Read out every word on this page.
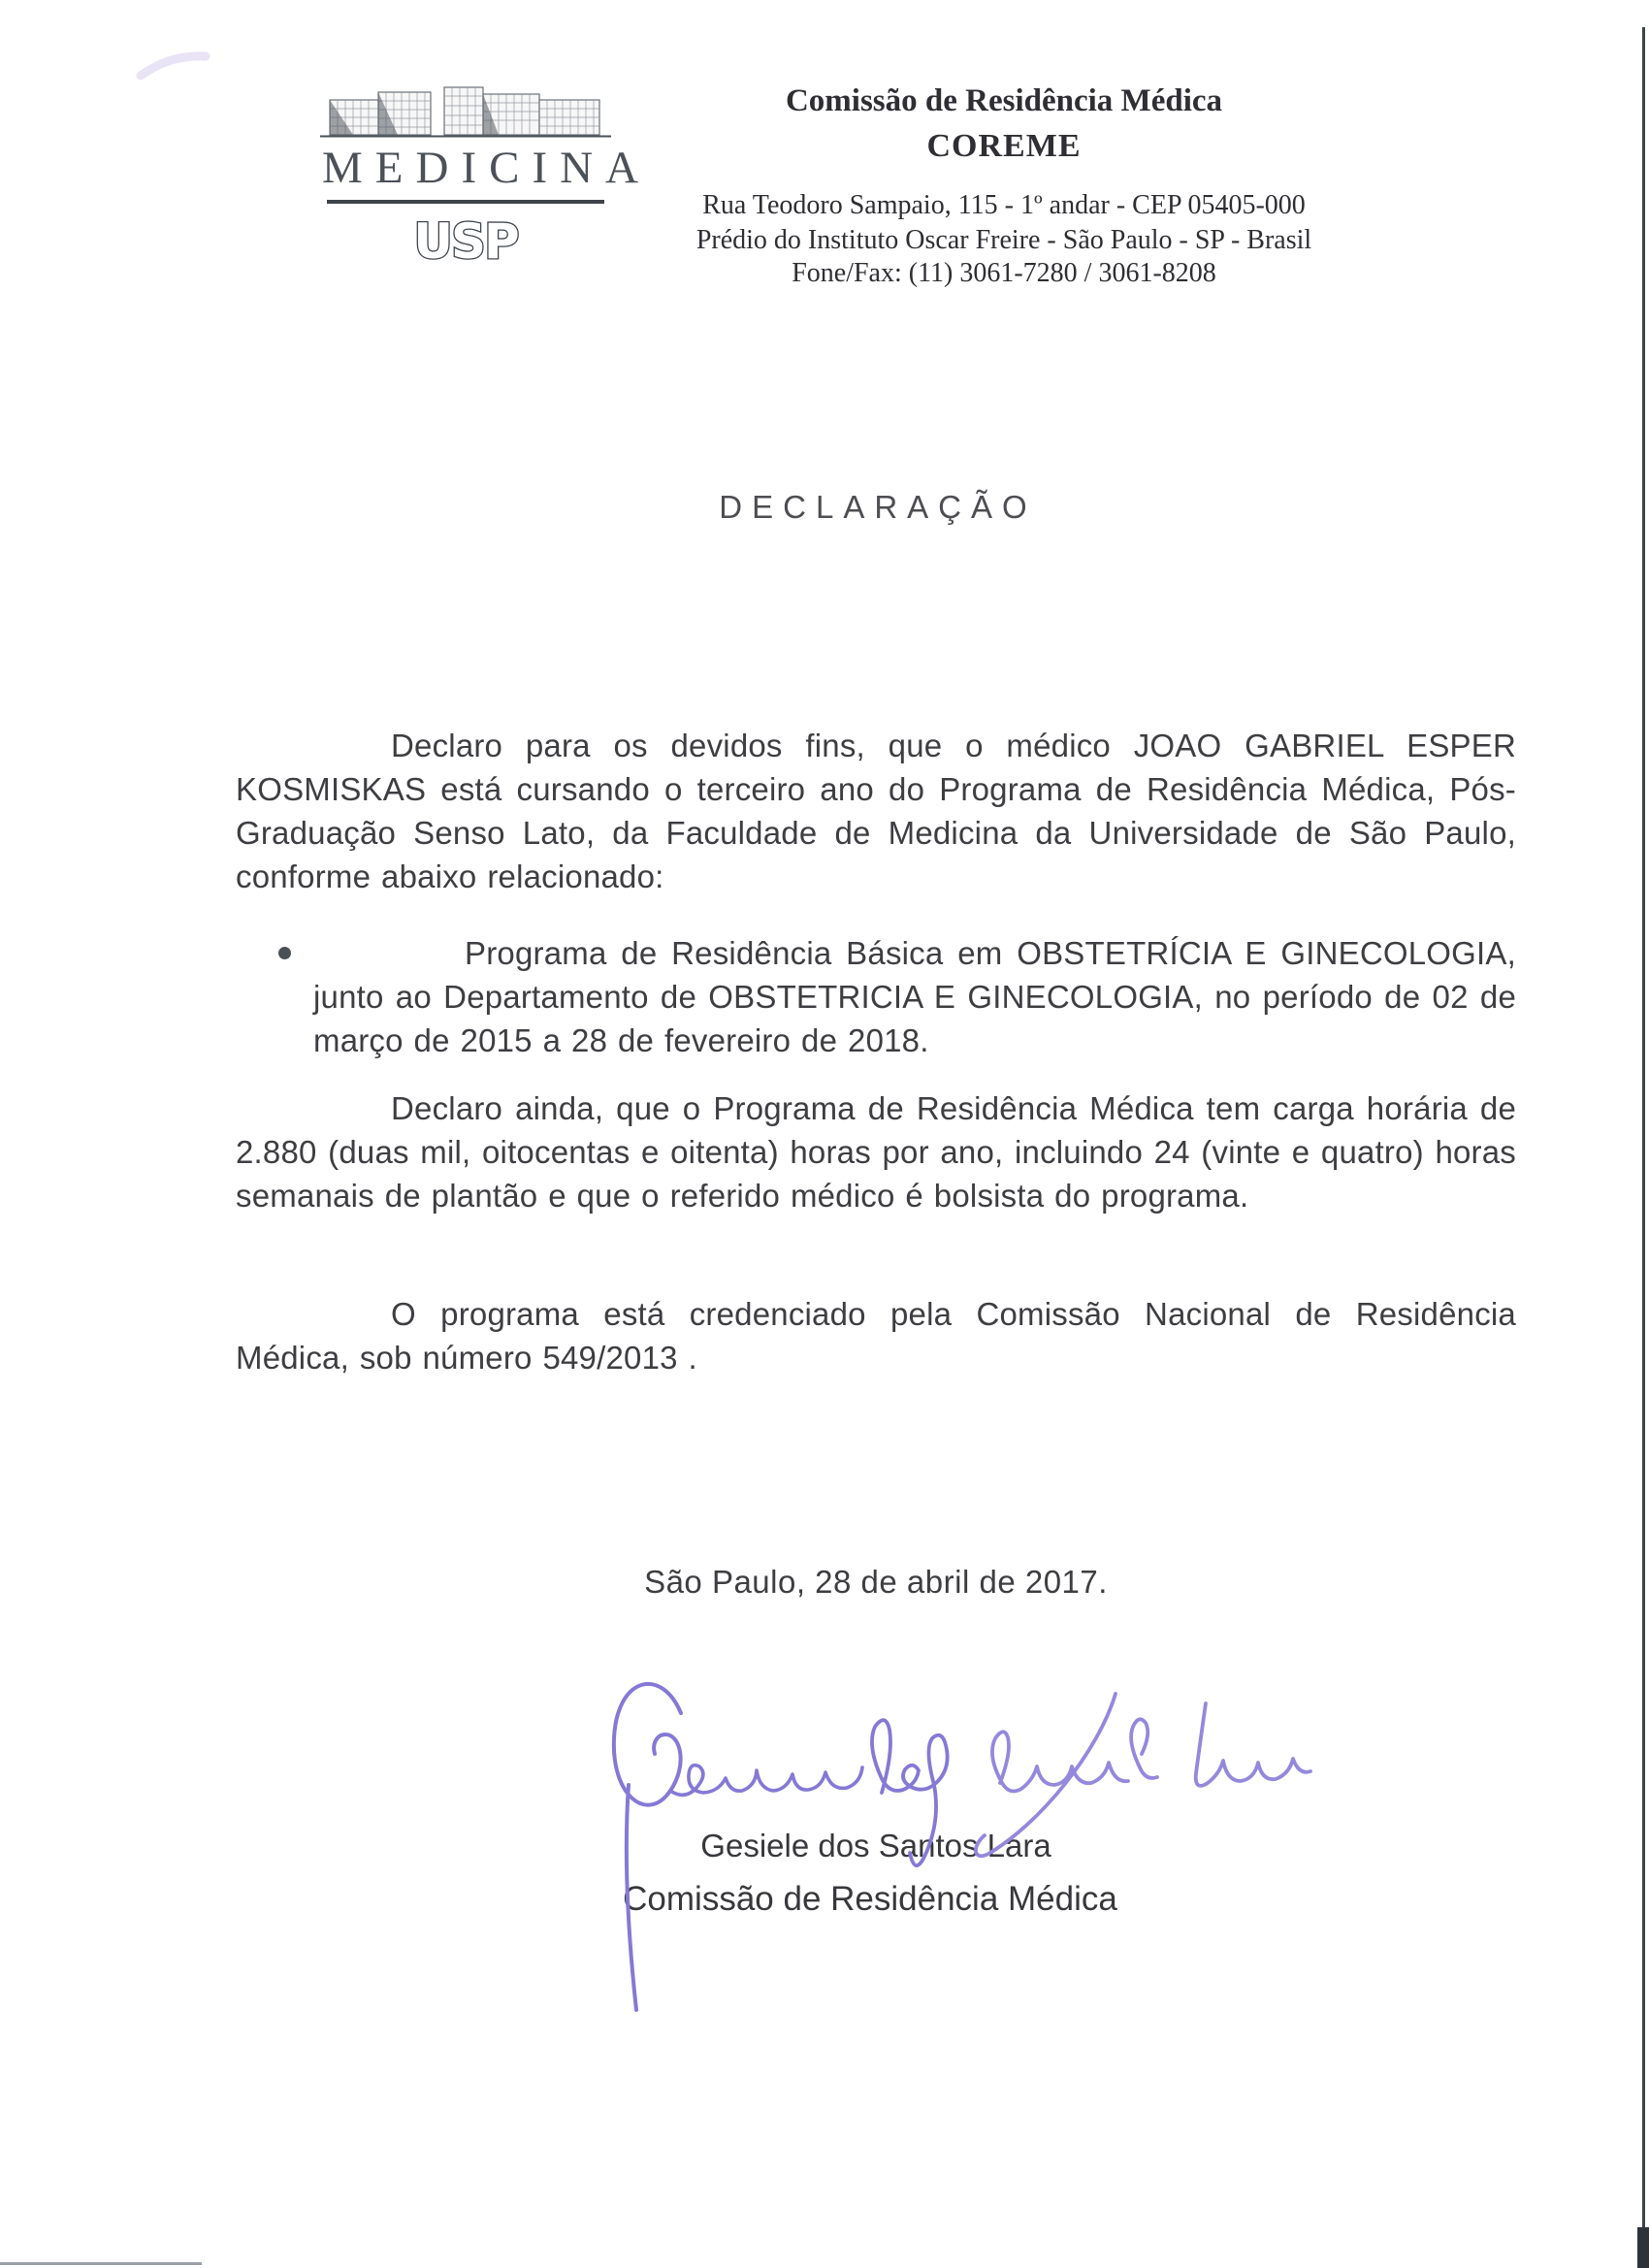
MEDICINA
USP
Comissão de Residência Médica
COREME
Rua Teodoro Sampaio, 115 - 1º andar - CEP 05405-000
Prédio do Instituto Oscar Freire - São Paulo - SP - Brasil
Fone/Fax: (11) 3061-7280 / 3061-8208
DECLARAÇÃO
Declaro para os devidos fins, que o médico JOAO GABRIEL ESPER KOSMISKAS está cursando o terceiro ano do Programa de Residência Médica, Pós-Graduação Senso Lato, da Faculdade de Medicina da Universidade de São Paulo, conforme abaixo relacionado:
Programa de Residência Básica em OBSTETRÍCIA E GINECOLOGIA, junto ao Departamento de OBSTETRICIA E GINECOLOGIA, no período de 02 de março de 2015 a 28 de fevereiro de 2018.
Declaro ainda, que o Programa de Residência Médica tem carga horária de 2.880 (duas mil, oitocentas e oitenta) horas por ano, incluindo 24 (vinte e quatro) horas semanais de plantão e que o referido médico é bolsista do programa.
O programa está credenciado pela Comissão Nacional de Residência Médica, sob número 549/2013 .
São Paulo, 28 de abril de 2017.
Gesiele dos Santos Lara
Comissão de Residência Médica
